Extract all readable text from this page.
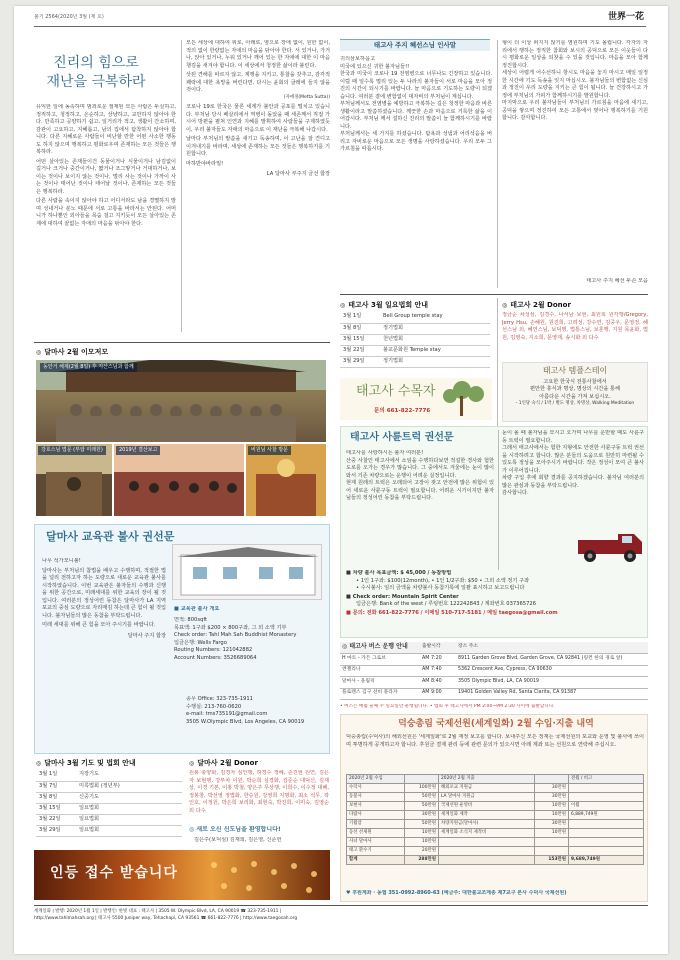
불기 2564(2020년 3월 (제 호)	世界一花
진리의 힘으로
재난을 극복하라

유익한 일에 농속하며 범죄로운 절제된 모든 사람은 두실하고, 정직하고, 청정하고, 온순하고, 상냥하고, 교만하지 않아야 한다. 만족하고 공양하기 쉽고, 일거리가 적고, 생활이 간소하며, 감관이 고요하고, 지혜롭고, 남의 집에서 탐착하지 않아야 합니다. 다른 지혜로운 사람들이 비난할 만한 어떤 사소한 행동도 하지 않으며 행복하고 평화로우며 존재하는 모든 것들은 행복하라.

어떤 살아있는 존재들이건 동물이거나 식물이거나 남김없이 길거나 크거나 중간이거나, 짧거나 조그맣거나 거대하거나, 보이는 것이나 보이지 않는 것이나, 멀리 사는 것이나 가까이 사는 것이나 태어난 것이나 태어날 것이나, 존재하는 모든 것들은 행복하라.

다른 사람을 속이지 않아야 하고 어디서라도 남을 경멸하지 말며 성내거나 분노 때문에 서로 고통을 바라서는 안된다. 어머니가 하나뿐인 외아들을 목숨 걸고 지키듯이 모든 살아있는 존재에 대하여 끝없는 자애의 마음을 닦아야 한다.

모든 세상에 대하여 위로, 아래로, 옆으로 장애 없이, 원한 없이, 적의 없이 한량없는 자애의 마음을 닦아야 한다. 서 있거나, 가거나, 앉아 있거나, 누워 있거나 깨어 있는 한 자애에 대한 이 마음 챙김을 새겨야 합니다. 이 세상에서 청정한 삶이라 불린다.

삿된 견해를 따르지 않고, 계행을 지키고, 통찰을 갖추고, 감각적 쾌락에 대한 욕망을 버린다면, 다시는 윤회의 굴레에 들지 않을 것이다.

(자애경(Metta Sutta))

코로나 19로 한국은 물론 세계가 불안과 공포를 떨치고 있습니다. 부처님 당시 베살리에서 역병이 돌았을 때 세존께서 직접 가시어 방편을 펼쳐 인연과 지혜를 발휘하여 사람들을 구제하였듯이, 우리 불자들도 자애의 마음으로 이 재난을 극복해 나갑시다.

날마다 부처님의 말씀을 새기고 독송하며, 이 고난을 잘 견디고 이겨내기를 바라며, 세상에 존재하는 모든 것들은 행복하기를 기원합니다.

마하반야바라밀!

LA 달마사 부주지 금선 합장

태고사 주지 혜선스님 인사말
귀의삼보하옵고
미국에 있으신 귀한 불자님들!!
한국과 미국이 코로나 19 전염병으로 너무나도 긴장하고 있습니다. 이럴 때 일수록 멀리 있는 두 나라의 불자들이 서로 마음을 모아 정진의 시간이 되시기를 바랍니다. 늘 마음으로 기도하는 도량이 되겠습니다. 여러분 곁에 변함없이 대자비의 부처님이 계십니다.
부처님께서도 전염병을 예방하고 극복하는 길은 청정한 마음과 바른 생활이라고 말씀하셨습니다. 깨끗한 손과 마음으로 거룩한 삶을 이어갑시다. 부처님 께서 설하신 진리의 말씀이 늘 함께하시기를 바랍니다.
부처님께서는 세 가지를 하셨습니다. 탐욕과 성냄과 어리석음을 버리고 자비로운 마음으로 모든 생명을 사랑하셨습니다. 우리 모두 그 가르침을 따릅시다.
형이 더 이상 퍼지지 않기를 염원하며 기도 올립니다. 각자의 자리에서 행하는 정직한 참회와 보시의 공덕으로 모든 이웃들이 다시 평화로운 일상을 되찾을 수 있을 것입니다. 마음을 모아 함께 정진합시다.
세상이 어렵게 어수선하니 항시도 마음을 놓지 마시고 매일 일정한 시간에 기도 독송을 잊지 마십시오. 불자님들의 변함없는 신심과 정진이 우리 도량을 지키는 큰 힘이 됩니다. 늘 건강하시고 가정에 부처님의 가피가 함께하시기를 발원합니다.
마지막으로 우리 불자님들이 부처님의 가르침을 마음에 새기고, 공덕을 쌓으며 정진하여 모든 고통에서 벗어나 행복하기를 기원합니다. 감사합니다.
태고사 주지 혜선 두손 모음
◎ 달마사 2월 이모저모
동안거 해제(2월 8일) 후 지산스님과 함께
강호스님 법문 (부탑 미래원)	2019년 결산보고	비원님 사찰 방문
달마사 교육관 불사 권선문

나무 석가모니불!

달마사는 부처님의 참법을 배우고 수행하며, 적절한 법을 널리 전하고자 하는 도량으로 새로운 교육관 불사를 시작하였습니다. 이번 교육관은 불자들의 수행과 신행을 위한 공간으로, 미래세대를 위한 교육의 장이 될 것입니다. 여러분의 정성어린 동참은 달마사가 LA 지역 포교의 중심 도량으로 자리매김 하는데 큰 힘이 될 것입니다. 불자님들의 많은 동참을 부탁드립니다.

미래 세대를 위해 큰 힘을 모아 주시기를 바랍니다.

달마사 주지 합장

■ 교육관 불사 개요
면적: 800sqft
목표액: 1구좌 $200 × 800구좌, 그 외 소액 기부
Check order: Tahl Mah Sah Buddhist Monastery
입금은행: Wells Fargo
Routing Numbers: 121042882
Account Numbers: 3526689064
종무 Office: 323-735-1911
수행실: 213-760-0620
e-mail: tms735191@gmail.com
3505 W.Olympic Blvd, Los Angeles, CA 90019
◎ 달마사 3월 기도 및 법회 안내
3월 1일	지장기도
3월 7일	미륵법회 (정년부)
3월 8일	신중기도
3월 15일	일요법회
3월 22일	일요법회
3월 29일	일요법회
◎ 달마사 2월 Donor
원봉 충양화, 김경자 심인행, 허경수 정혜, 손진현 원연, 김은자 보현행, 강부차 이원, 박순희 실경화, 김준순 대덕신, 김재상, 이경 기본, 이홍 박철, 양은주 무상행, 이희수, 이수정 대혜, 정봉창, 박선영 정법화, 한승원, 강영희 지명화, 최소 석무, 곽인호, 이정원, 박은희 보리화, 최현숙, 박진희, 이미숙, 김영순 외 다수
◎ 새로 오신 신도님을 환영합니다!
김은주(보덕심) 김재희, 김은영, 신준헌
인등 접수 받습니다
세계일화 | 발행: 2020년 1월 1일 | 발행인: 한빛 대표 : 태고사 | 3505 W. Olympic Blvd, LA, CA 90019 ☎ 323-735-1911 | http://www.tahlmahsah.org | 태고사 5500 Juniper way, Tehachapi, CA 93561 ☎ 661-822-7776 | http://www.taegosah.org
◎ 태고사 3월 일요법회 안내
3월 1일	Bell Group temple stay
3월 8일	정기법회
3월 15일	천년법회
3월 22일	불교문화원 Temple stay
3월 29일	정기법회
◎ 태고사 2월 Donor
정금순 차성심, 김경수, 나서남 보현, 최원희 원각행/Gregory, Jerry Hsu, 손혜원, 원진희, 고려성, 강수연, 김중우, 문영정, 혜선스님 외, 혜연스님, 보덕행, 법통스님, 보훈행, 지원 목윤화, 법원, 김영숙, 지소희, 문영재, 송시화 외 다수
태고사 수목자
문의 661-822-7776
태고사 템플스테이
고요한 한국식 전통사찰에서
편안한 휴식과 명상, 명상의 시간을 통해
아름다운 시간을 가져 보십시오.
- 1인당 숙식 / 1박 / 별도 명상, 차명상, Walking Meditation
태고사 사륜트럭 권선문
태고사를 사랑하시는 불자 여러분!
산중 사찰인 태고사에서 소임을 수행하다보면 적설한 경사와 험한 도로를 오가는 경우가 많습니다. 그 중에서도 겨울에는 눈이 많이 와서 기존 차량으로는 운행이 어려운 실정입니다.
현재 원래의 트럭은 오래되어 고장이 잦고 안전에 많은 위험이 있어 새로운 사륜구동 트럭이 필요합니다. 어려운 시기이지만 불자님들의 정성어린 동참을 부탁드립니다.
눈이 올 때 불자님을 모시고 오가며 나무를 운반할 때도 사륜구동 트럭이 필요합니다.
그래서 태고사에서는 험한 지형에도 안전한 사륜구동 트럭 권선을 시작하려고 합니다. 많은 분들의 도움으로 원만히 마련될 수 있도록 정성을 모아주시기 바랍니다. 작은 정성이 모여 큰 불사가 이루어집니다.
차량 구입 후에 회향 결과를 공지하겠습니다. 불자님 여러분의 많은 관심과 동참을 부탁드립니다.
감사합니다.
■ 차량 불사 목표금액: $ 45,000 / 동참방법
• 1인 1구좌: $100(12month), • 1인 1/2구좌: $50 • 그외 소액 정기 구좌
• 수시불사: 임의 금액을 차량불사 동참기록에 일괄 표시하고 보고드립니다
■ Check order: Mountain Spirit Center
입금은행: Bank of the west / 루팅번호 122242843 / 계좌번호 037365726
■ 문의: 전화 661-822-7776 / 이메일 510-717-5181 / 메일 taegosa@gmail.com
◎ 태고사 버스 운행 안내	출발시각	장소 주소
H 마트 - 가든 그로브	AM 7:20	8911 Garden Grove Blvd, Garden Grove, CA 92841 (링컨 한의 경로 앞)
엔젤리나	AM 7:40	5362 Crescent Ave, Cypress, CA 90630
달마사 - 올림픽	AM 8:40	3505 Olympic Blvd, LA, CA 90019
플로렌스 김구 선비 플라자	AM 9:00	19401 Golden Valley Rd, Santa Clarita, CA 91387
• 버스는 매월 둘째 주 일요일만 운행됩니다. • 법회 후 태고사에서 PM 2:00~PM 2:30 사이에 출발합니다.
덕숭총림 국제선원(세계일화) 2월 수입·지출 내역
덕숭총림(수덕사)의 해외선원은 '세계일화'로 2월 재정 보고를 합니다. 보내주신 모든 정재는 국제선원의 포교와 운영 및 불사에 쓰이며 투명하게 공개하고자 합니다. 후원금 결제 관리 등에 관련 문의가 있으시면 아래 계좌 또는 선원으로 연락해 주십시오.
2020년 2월 수입		2020년 2월 지출		전월 / 비고
수덕사	100만원	해외포교 지원금	30만원	
동불사	50만원	LA 달마사 지원금	30만원	
보현사	50만원	국제선원 운영비	10만원	이월
다람사	30만원	세계일화 제작	10만원	6,889,749원
기월암	50만원	차량지원금(달마사)	30만원	
동선 선제원	10만원	세계일화 소식지 제작비	10만원	
사녀 달마사	10만원			
태고 환수기	20만원			
합계	288만원		153만원	9,689,749원
♥ 후원계좌 · 농협 351-0992-8960-63 (예금주: 대한불교조계종 제7교구 본사 수덕사 국제선원)
